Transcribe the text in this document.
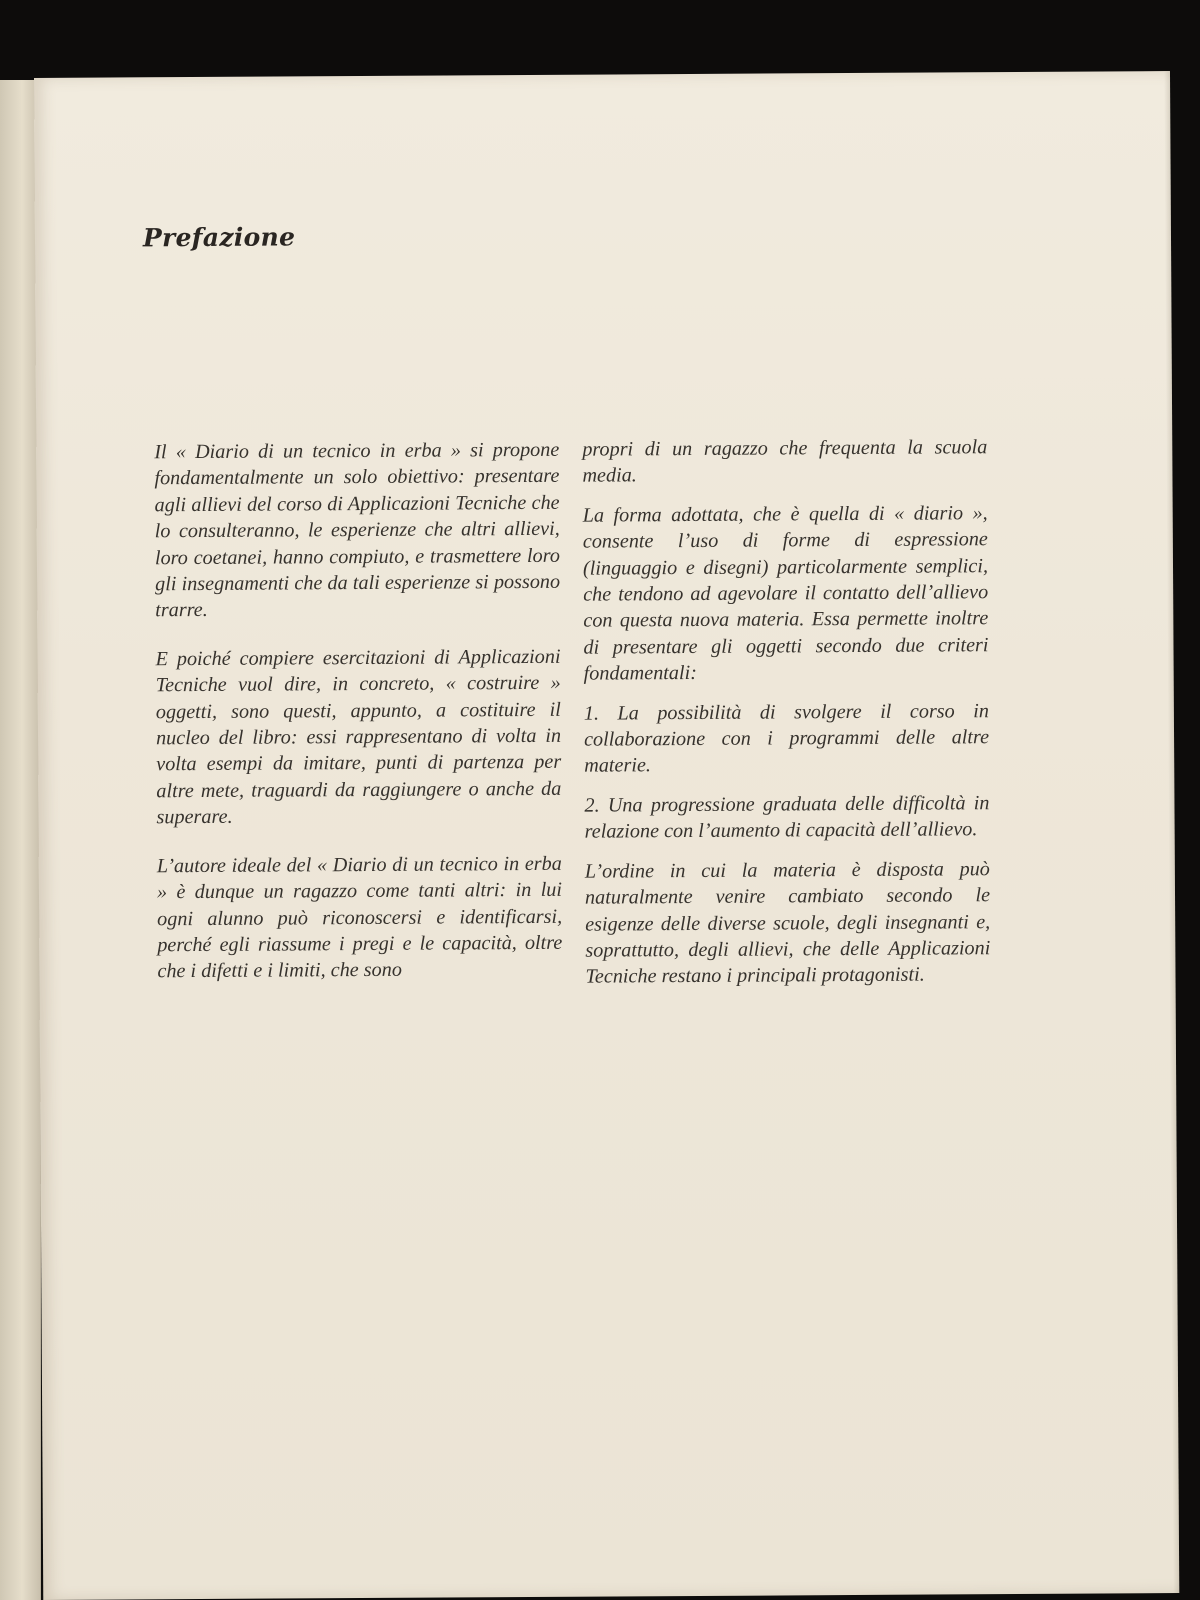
Prefazione

Il « Diario di un tecnico in erba » si propone fondamentalmente un solo obiettivo: presentare agli allievi del corso di Applicazioni Tecniche che lo consulteranno, le esperienze che altri allievi, loro coetanei, hanno compiuto, e trasmettere loro gli insegnamenti che da tali esperienze si possono trarre.

E poiché compiere esercitazioni di Applicazioni Tecniche vuol dire, in concreto, « costruire » oggetti, sono questi, appunto, a costituire il nucleo del libro: essi rappresentano di volta in volta esempi da imitare, punti di partenza per altre mete, traguardi da raggiungere o anche da superare.

L’autore ideale del « Diario di un tecnico in erba » è dunque un ragazzo come tanti altri: in lui ogni alunno può riconoscersi e identificarsi, perché egli riassume i pregi e le capacità, oltre che i difetti e i limiti, che sono

propri di un ragazzo che frequenta la scuola media.

La forma adottata, che è quella di « diario », consente l’uso di forme di espressione (linguaggio e disegni) particolarmente semplici, che tendono ad agevolare il contatto dell’allievo con questa nuova materia. Essa permette inoltre di presentare gli oggetti secondo due criteri fondamentali:

1. La possibilità di svolgere il corso in collaborazione con i programmi delle altre materie.

2. Una progressione graduata delle difficoltà in relazione con l’aumento di capacità dell’allievo.

L’ordine in cui la materia è disposta può naturalmente venire cambiato secondo le esigenze delle diverse scuole, degli insegnanti e, soprattutto, degli allievi, che delle Applicazioni Tecniche restano i principali protagonisti.
